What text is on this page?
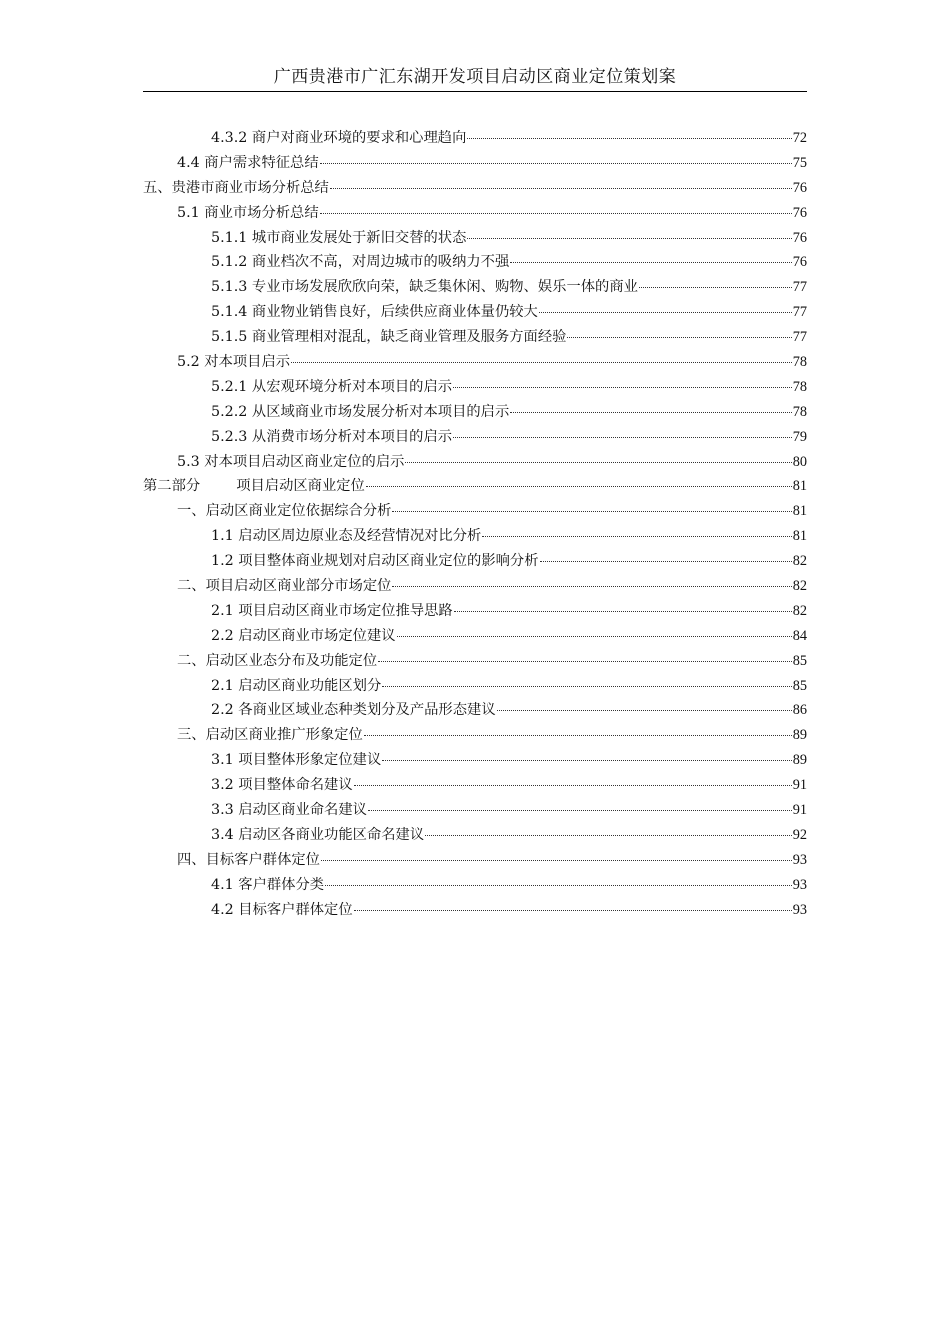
广西贵港市广汇东湖开发项目启动区商业定位策划案
4.3.2 商户对商业环境的要求和心理趋向	72
4.4 商户需求特征总结	75
五、贵港市商业市场分析总结	76
5.1 商业市场分析总结	76
5.1.1 城市商业发展处于新旧交替的状态	76
5.1.2 商业档次不高，对周边城市的吸纳力不强	76
5.1.3 专业市场发展欣欣向荣，缺乏集休闲、购物、娱乐一体的商业	77
5.1.4 商业物业销售良好，后续供应商业体量仍较大	77
5.1.5 商业管理相对混乱，缺乏商业管理及服务方面经验	77
5.2 对本项目启示	78
5.2.1 从宏观环境分析对本项目的启示	78
5.2.2 从区域商业市场发展分析对本项目的启示	78
5.2.3 从消费市场分析对本项目的启示	79
5.3 对本项目启动区商业定位的启示	80
第二部分	项目启动区商业定位	81
一、启动区商业定位依据综合分析	81
1.1 启动区周边原业态及经营情况对比分析	81
1.2 项目整体商业规划对启动区商业定位的影响分析	82
二、项目启动区商业部分市场定位	82
2.1 项目启动区商业市场定位推导思路	82
2.2 启动区商业市场定位建议	84
二、启动区业态分布及功能定位	85
2.1 启动区商业功能区划分	85
2.2 各商业区域业态种类划分及产品形态建议	86
三、启动区商业推广形象定位	89
3.1 项目整体形象定位建议	89
3.2 项目整体命名建议	91
3.3 启动区商业命名建议	91
3.4 启动区各商业功能区命名建议	92
四、目标客户群体定位	93
4.1 客户群体分类	93
4.2 目标客户群体定位	93
